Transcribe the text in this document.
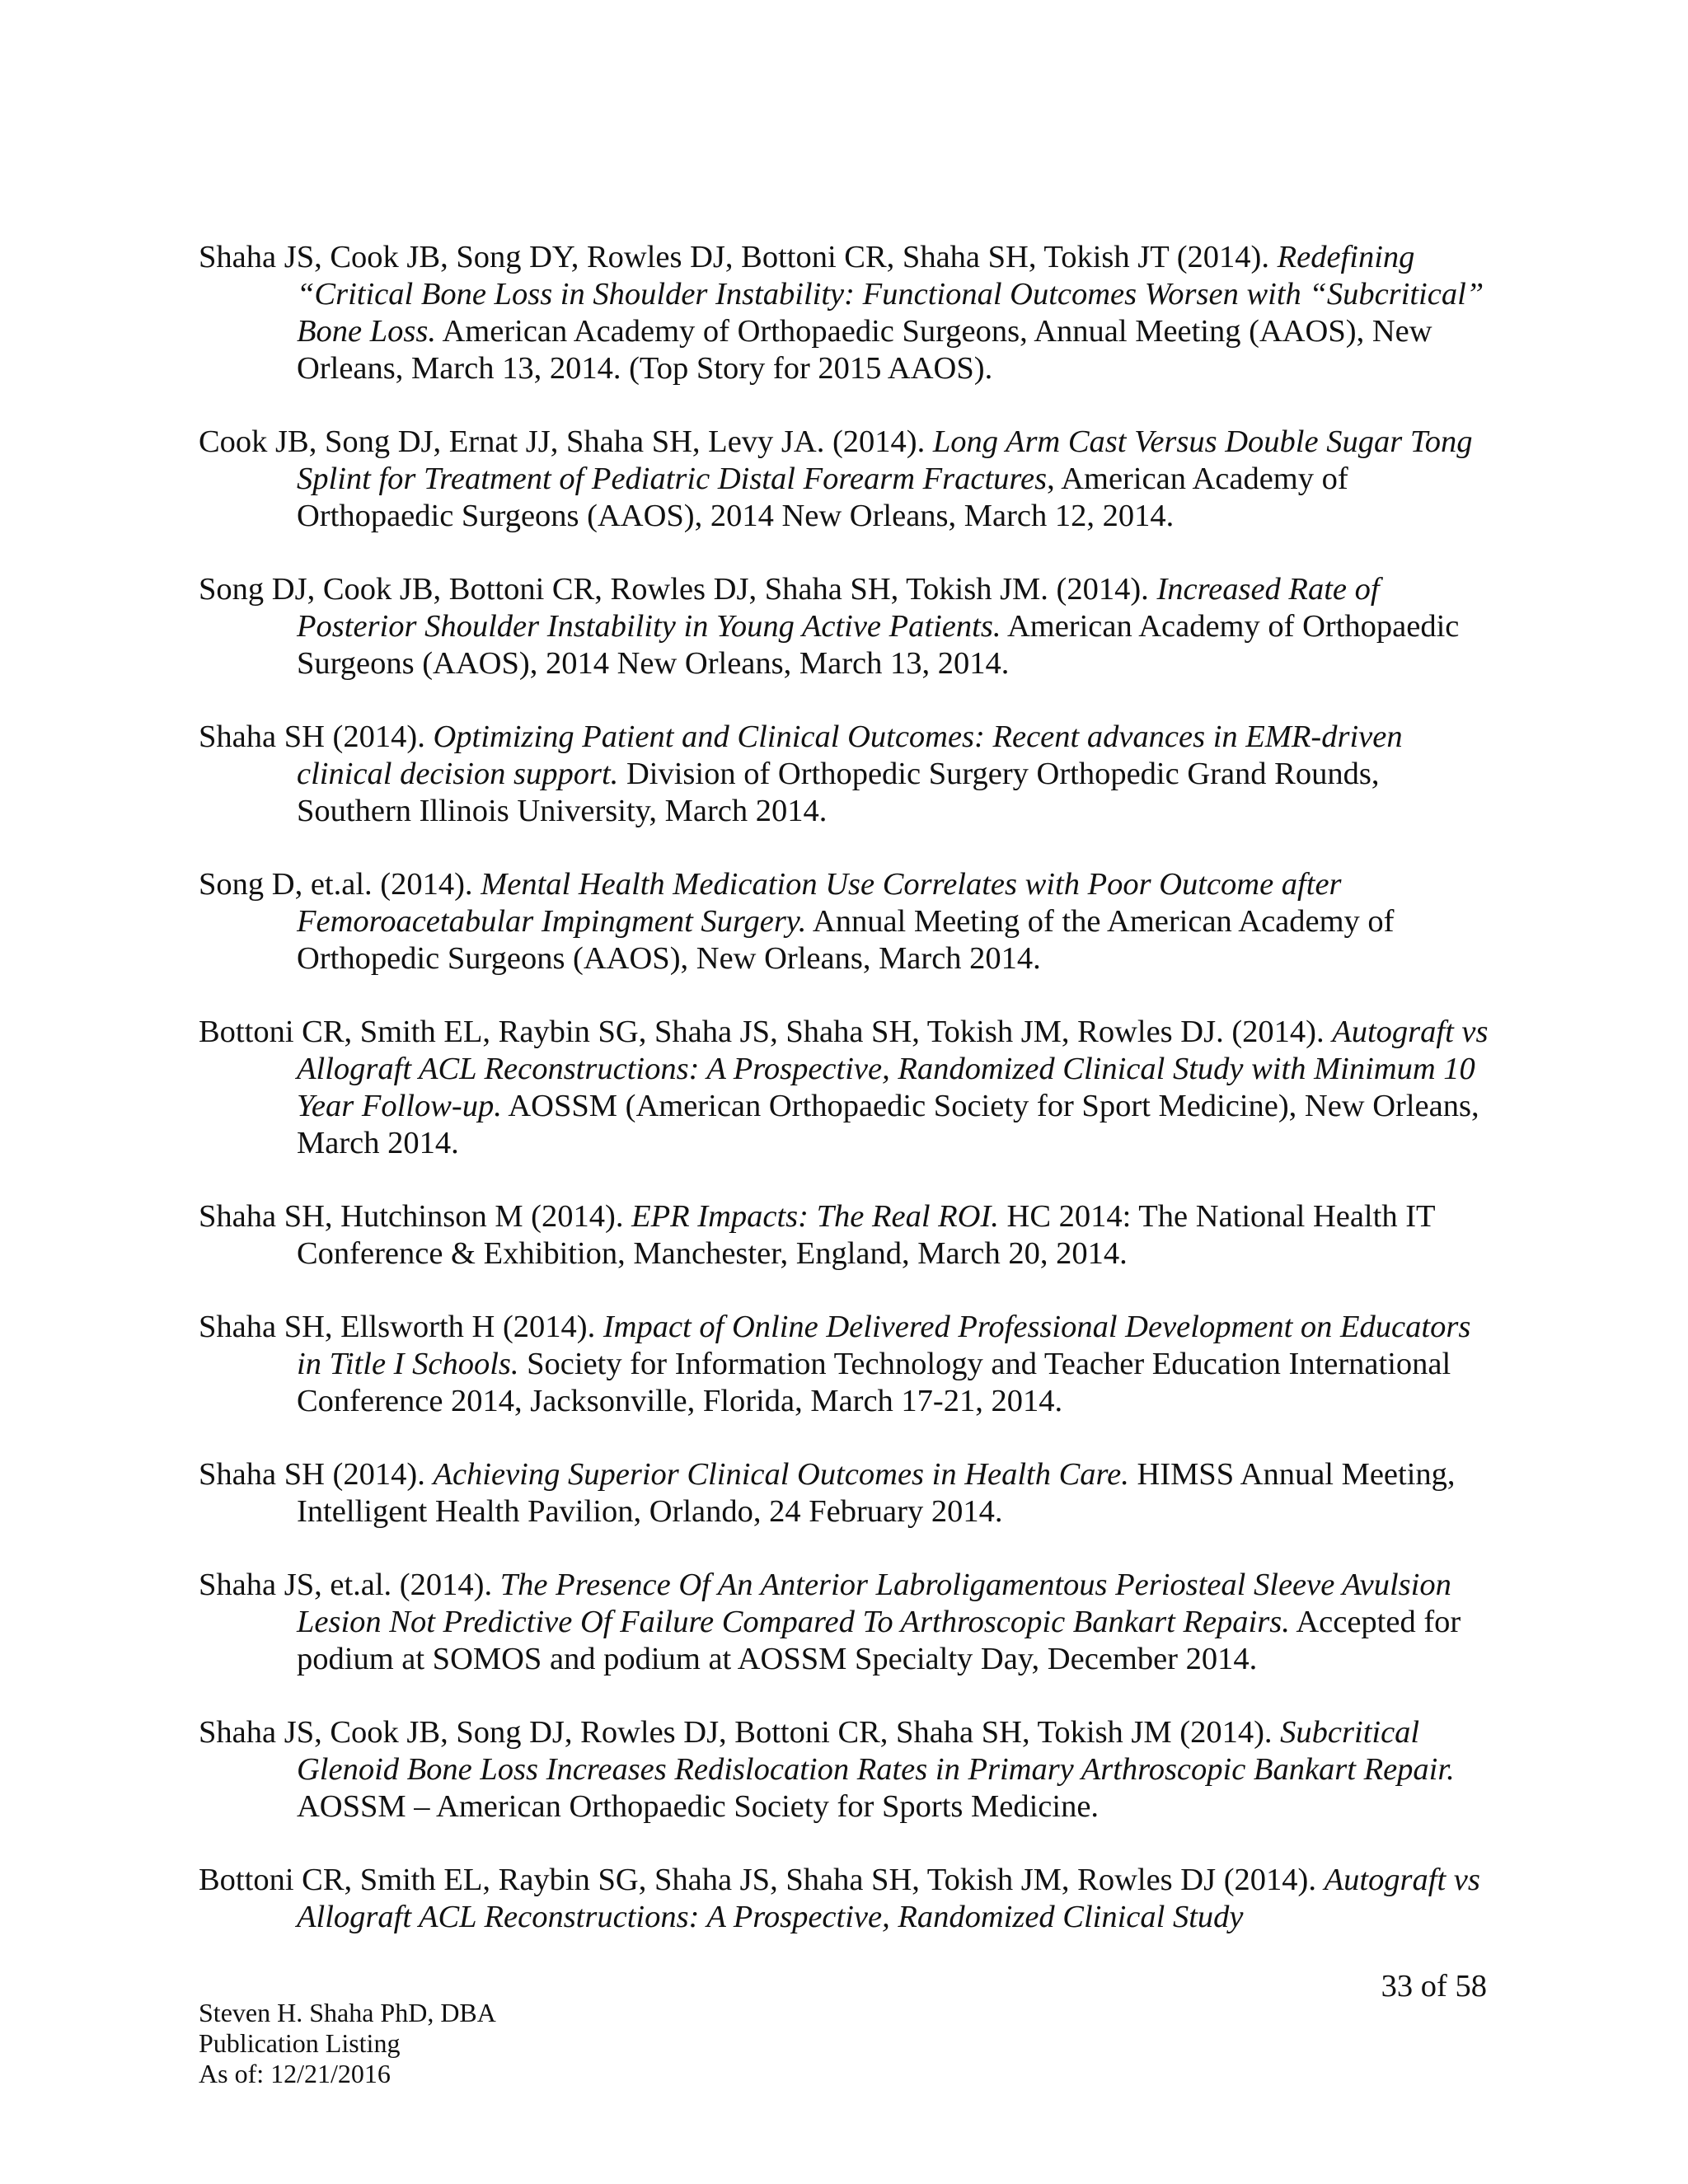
Shaha JS, Cook JB, Song DY, Rowles DJ, Bottoni CR, Shaha SH, Tokish JT (2014). Redefining “Critical Bone Loss in Shoulder Instability: Functional Outcomes Worsen with “Subcritical” Bone Loss. American Academy of Orthopaedic Surgeons, Annual Meeting (AAOS), New Orleans, March 13, 2014. (Top Story for 2015 AAOS).

Cook JB, Song DJ, Ernat JJ, Shaha SH, Levy JA. (2014). Long Arm Cast Versus Double Sugar Tong Splint for Treatment of Pediatric Distal Forearm Fractures, American Academy of Orthopaedic Surgeons (AAOS), 2014 New Orleans, March 12, 2014.

Song DJ, Cook JB, Bottoni CR, Rowles DJ, Shaha SH, Tokish JM. (2014). Increased Rate of Posterior Shoulder Instability in Young Active Patients. American Academy of Orthopaedic Surgeons (AAOS), 2014 New Orleans, March 13, 2014.

Shaha SH (2014). Optimizing Patient and Clinical Outcomes: Recent advances in EMR-driven clinical decision support. Division of Orthopedic Surgery Orthopedic Grand Rounds, Southern Illinois University, March 2014.

Song D, et.al. (2014). Mental Health Medication Use Correlates with Poor Outcome after Femoroacetabular Impingment Surgery. Annual Meeting of the American Academy of Orthopedic Surgeons (AAOS), New Orleans, March 2014.

Bottoni CR, Smith EL, Raybin SG, Shaha JS, Shaha SH, Tokish JM, Rowles DJ. (2014). Autograft vs Allograft ACL Reconstructions: A Prospective, Randomized Clinical Study with Minimum 10 Year Follow-up. AOSSM (American Orthopaedic Society for Sport Medicine), New Orleans, March 2014.

Shaha SH, Hutchinson M (2014). EPR Impacts: The Real ROI. HC 2014: The National Health IT Conference & Exhibition, Manchester, England, March 20, 2014.

Shaha SH, Ellsworth H (2014). Impact of Online Delivered Professional Development on Educators in Title I Schools. Society for Information Technology and Teacher Education International Conference 2014, Jacksonville, Florida, March 17-21, 2014.

Shaha SH (2014). Achieving Superior Clinical Outcomes in Health Care. HIMSS Annual Meeting, Intelligent Health Pavilion, Orlando, 24 February 2014.

Shaha JS, et.al. (2014). The Presence Of An Anterior Labroligamentous Periosteal Sleeve Avulsion Lesion Not Predictive Of Failure Compared To Arthroscopic Bankart Repairs. Accepted for podium at SOMOS and podium at AOSSM Specialty Day, December 2014.

Shaha JS, Cook JB, Song DJ, Rowles DJ, Bottoni CR, Shaha SH, Tokish JM (2014). Subcritical Glenoid Bone Loss Increases Redislocation Rates in Primary Arthroscopic Bankart Repair. AOSSM – American Orthopaedic Society for Sports Medicine.

Bottoni CR, Smith EL, Raybin SG, Shaha JS, Shaha SH, Tokish JM, Rowles DJ (2014). Autograft vs Allograft ACL Reconstructions: A Prospective, Randomized Clinical Study

33 of 58
Steven H. Shaha PhD, DBA
Publication Listing
As of: 12/21/2016
